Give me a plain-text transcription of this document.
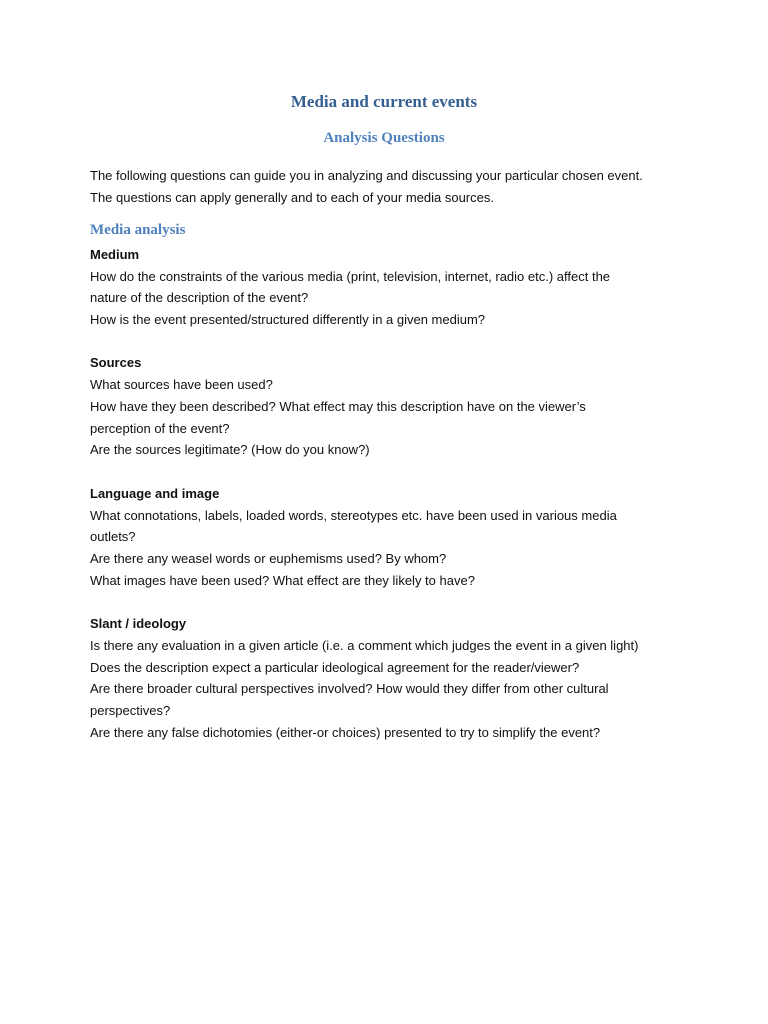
Media and current events
Analysis Questions

The following questions can guide you in analyzing and discussing your particular chosen event.

The questions can apply generally and to each of your media sources.

Media analysis

Medium

How do the constraints of the various media (print, television, internet, radio etc.) affect the

nature of the description of the event?

How is the event presented/structured differently in a given medium?

Sources

What sources have been used?

How have they been described? What effect may this description have on the viewer’s

perception of the event?

Are the sources legitimate? (How do you know?)

Language and image

What connotations, labels, loaded words, stereotypes etc. have been used in various media

outlets?

Are there any weasel words or euphemisms used? By whom?

What images have been used? What effect are they likely to have?

Slant / ideology

Is there any evaluation in a given article (i.e. a comment which judges the event in a given light)

Does the description expect a particular ideological agreement for the reader/viewer?

Are there broader cultural perspectives involved? How would they differ from other cultural

perspectives?

Are there any false dichotomies (either-or choices) presented to try to simplify the event?
